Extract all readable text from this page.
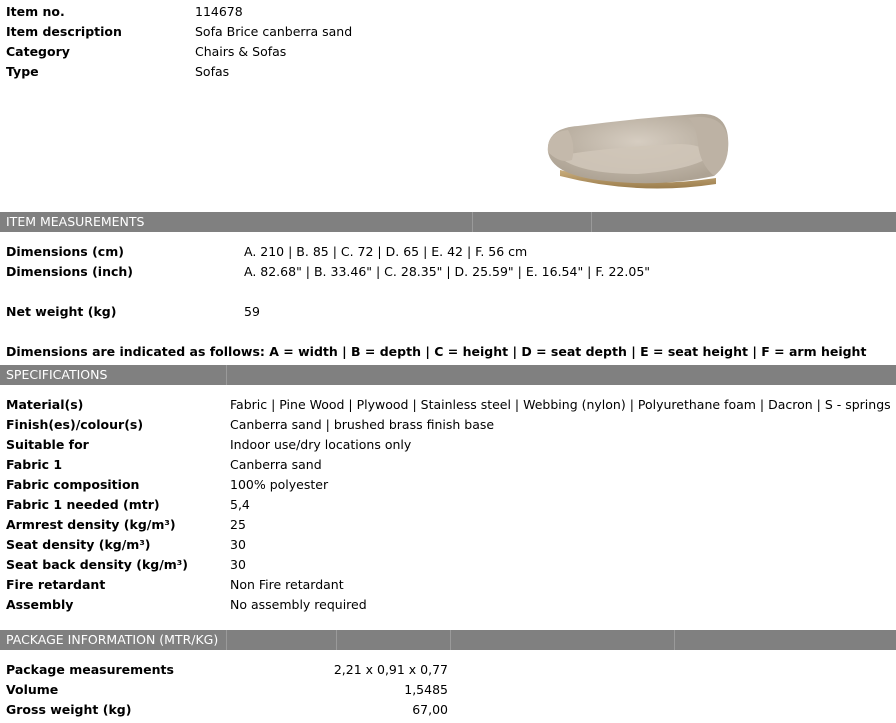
Item no.	114678
Item description	Sofa Brice canberra sand
Category	Chairs & Sofas
Type	Sofas
ITEM MEASUREMENTS
Dimensions (cm)	A. 210 | B. 85 | C. 72 | D. 65 | E. 42 | F. 56 cm
Dimensions (inch)	A. 82.68" | B. 33.46" | C. 28.35" | D. 25.59" | E. 16.54" | F. 22.05"
Net weight (kg)	59
Dimensions are indicated as follows: A = width | B = depth | C = height | D = seat depth | E = seat height | F = arm height
SPECIFICATIONS
Material(s)	Fabric | Pine Wood | Plywood | Stainless steel | Webbing (nylon) | Polyurethane foam | Dacron | S - springs
Finish(es)/colour(s)	Canberra sand | brushed brass finish base
Suitable for	Indoor use/dry locations only
Fabric 1	Canberra sand
Fabric composition	100% polyester
Fabric 1 needed (mtr)	5,4
Armrest density (kg/m³)	25
Seat density (kg/m³)	30
Seat back density (kg/m³)	30
Fire retardant	Non Fire retardant
Assembly	No assembly required
PACKAGE INFORMATION (MTR/KG)
Package measurements	2,21 x 0,91 x 0,77
Volume	1,5485
Gross weight (kg)	67,00
